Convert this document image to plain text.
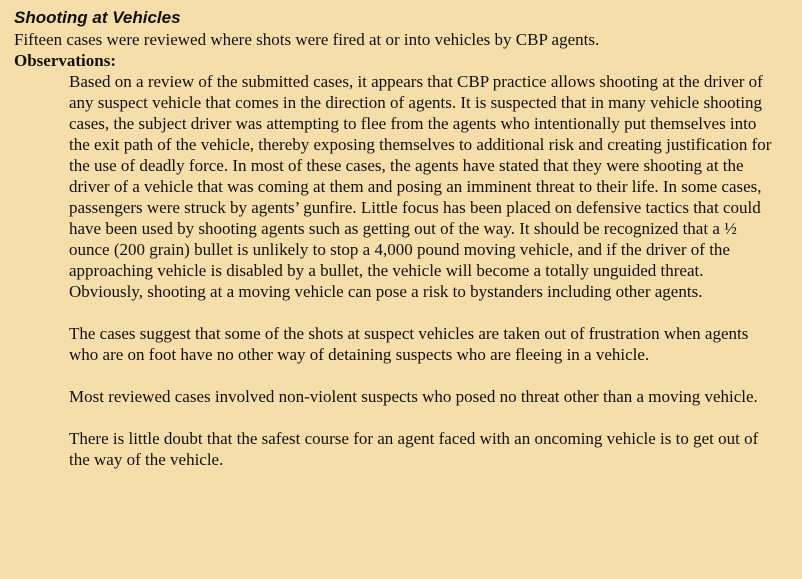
Shooting at Vehicles

Fifteen cases were reviewed where shots were fired at or into vehicles by CBP agents.

Observations:

Based on a review of the submitted cases, it appears that CBP practice allows shooting at the driver of any suspect vehicle that comes in the direction of agents. It is suspected that in many vehicle shooting cases, the subject driver was attempting to flee from the agents who intentionally put themselves into the exit path of the vehicle, thereby exposing themselves to additional risk and creating justification for the use of deadly force. In most of these cases, the agents have stated that they were shooting at the driver of a vehicle that was coming at them and posing an imminent threat to their life. In some cases, passengers were struck by agents’ gunfire. Little focus has been placed on defensive tactics that could have been used by shooting agents such as getting out of the way. It should be recognized that a ½ ounce (200 grain) bullet is unlikely to stop a 4,000 pound moving vehicle, and if the driver of the approaching vehicle is disabled by a bullet, the vehicle will become a totally unguided threat. Obviously, shooting at a moving vehicle can pose a risk to bystanders including other agents.

The cases suggest that some of the shots at suspect vehicles are taken out of frustration when agents who are on foot have no other way of detaining suspects who are fleeing in a vehicle.

Most reviewed cases involved non-violent suspects who posed no threat other than a moving vehicle.

There is little doubt that the safest course for an agent faced with an oncoming vehicle is to get out of the way of the vehicle.
